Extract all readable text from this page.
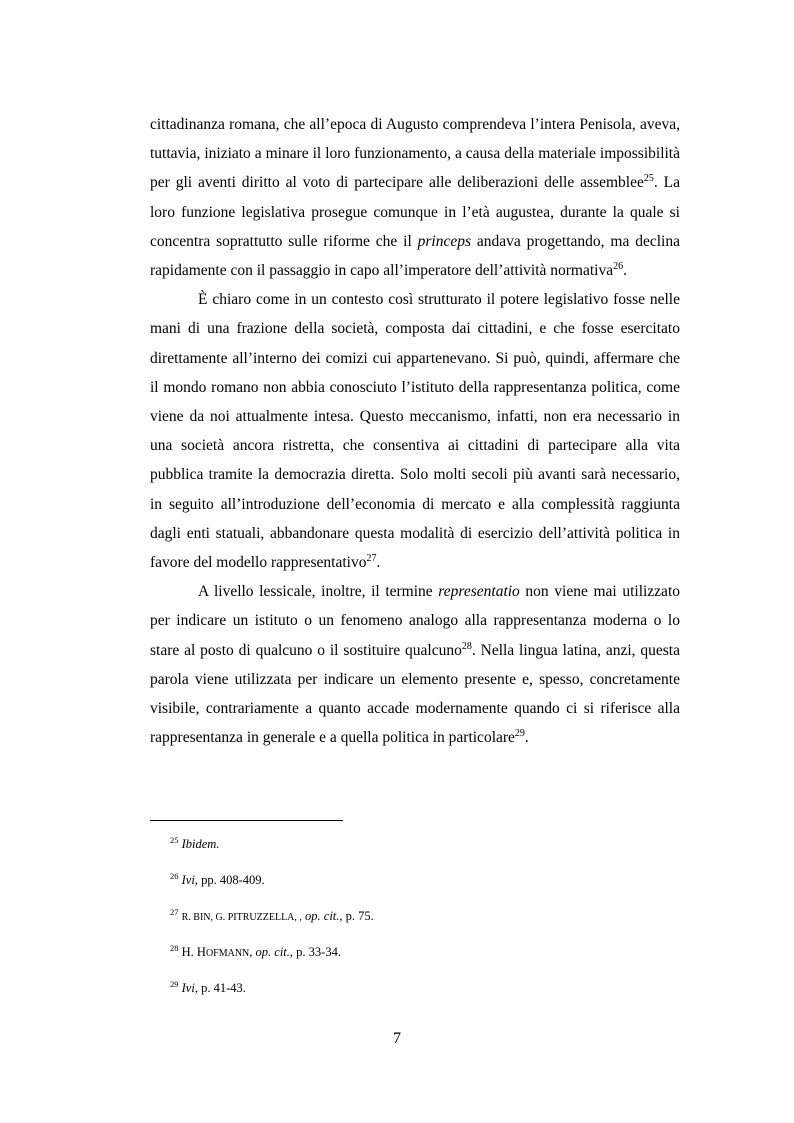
cittadinanza romana, che all’epoca di Augusto comprendeva l’intera Penisola, aveva, tuttavia, iniziato a minare il loro funzionamento, a causa della materiale impossibilità per gli aventi diritto al voto di partecipare alle deliberazioni delle assemblee$^{25}$. La loro funzione legislativa prosegue comunque in l’età augustea, durante la quale si concentra soprattutto sulle riforme che il princeps andava progettando, ma declina rapidamente con il passaggio in capo all’imperatore dell’attività normativa$^{26}$.

È chiaro come in un contesto così strutturato il potere legislativo fosse nelle mani di una frazione della società, composta dai cittadini, e che fosse esercitato direttamente all’interno dei comizi cui appartenevano. Si può, quindi, affermare che il mondo romano non abbia conosciuto l’istituto della rappresentanza politica, come viene da noi attualmente intesa. Questo meccanismo, infatti, non era necessario in una società ancora ristretta, che consentiva ai cittadini di partecipare alla vita pubblica tramite la democrazia diretta. Solo molti secoli più avanti sarà necessario, in seguito all’introduzione dell’economia di mercato e alla complessità raggiunta dagli enti statuali, abbandonare questa modalità di esercizio dell’attività politica in favore del modello rappresentativo$^{27}$.

A livello lessicale, inoltre, il termine representatio non viene mai utilizzato per indicare un istituto o un fenomeno analogo alla rappresentanza moderna o lo stare al posto di qualcuno o il sostituire qualcuno$^{28}$. Nella lingua latina, anzi, questa parola viene utilizzata per indicare un elemento presente e, spesso, concretamente visibile, contrariamente a quanto accade modernamente quando ci si riferisce alla rappresentanza in generale e a quella politica in particolare$^{29}$.

$^{25}$ Ibidem.
$^{26}$ Ivi, pp. 408-409.
$^{27}$ R. BIN, G. PITRUZZELLA, , op. cit., p. 75.
$^{28}$ H. HOFMANN, op. cit., p. 33-34.
$^{29}$ Ivi, p. 41-43.
7
